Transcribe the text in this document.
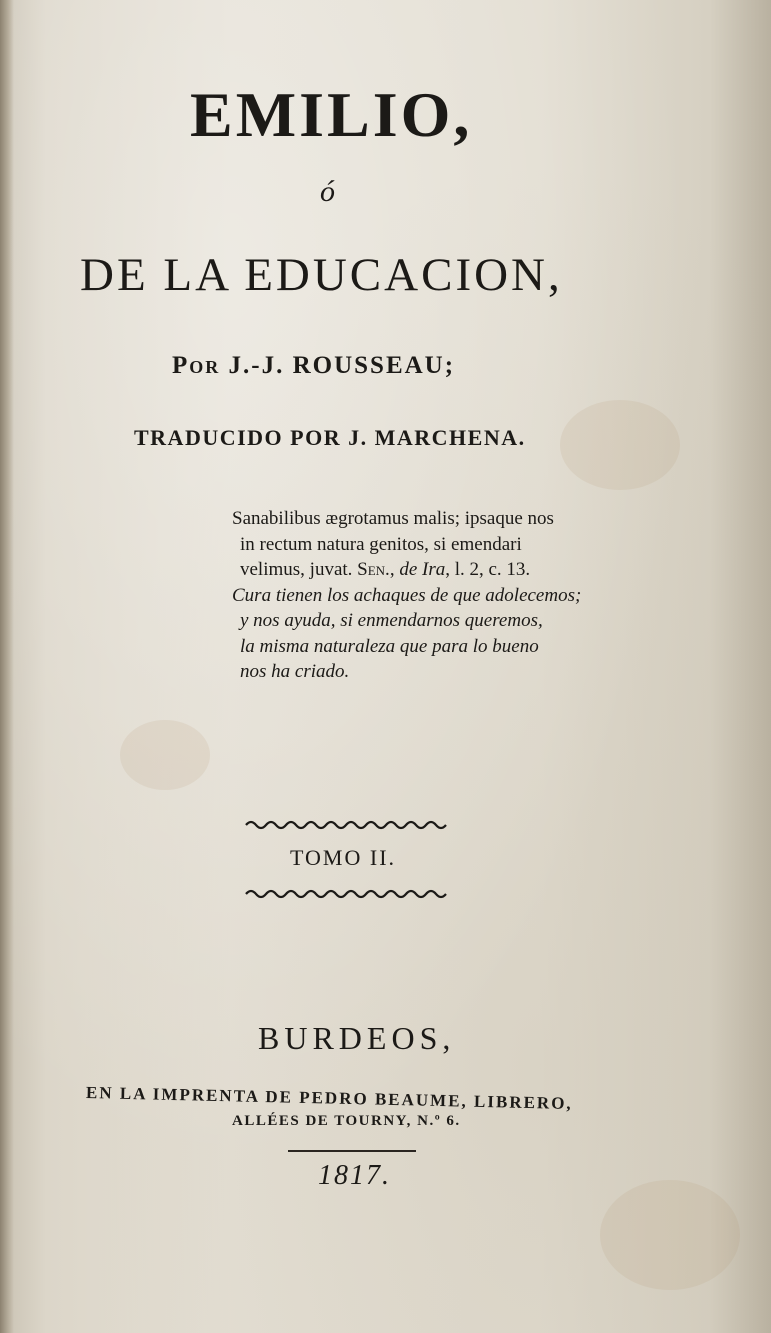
EMILIO,
ó
DE LA EDUCACION,
Por J.-J. ROUSSEAU;
TRADUCIDO POR J. MARCHENA.
Sanabilibus ægrotamus malis; ipsaque nos
in rectum natura genitos, si emendari
velimus, juvat. Sen., de Ira, l. 2, c. 13.
Cura tienen los achaques de que adolecemos;
y nos ayuda, si enmendarnos queremos,
la misma naturaleza que para lo bueno
nos ha criado.
TOMO II.
BURDEOS,
EN LA IMPRENTA DE PEDRO BEAUME, LIBRERO,
ALLÉES DE TOURNY, N.º 6.
1817.
